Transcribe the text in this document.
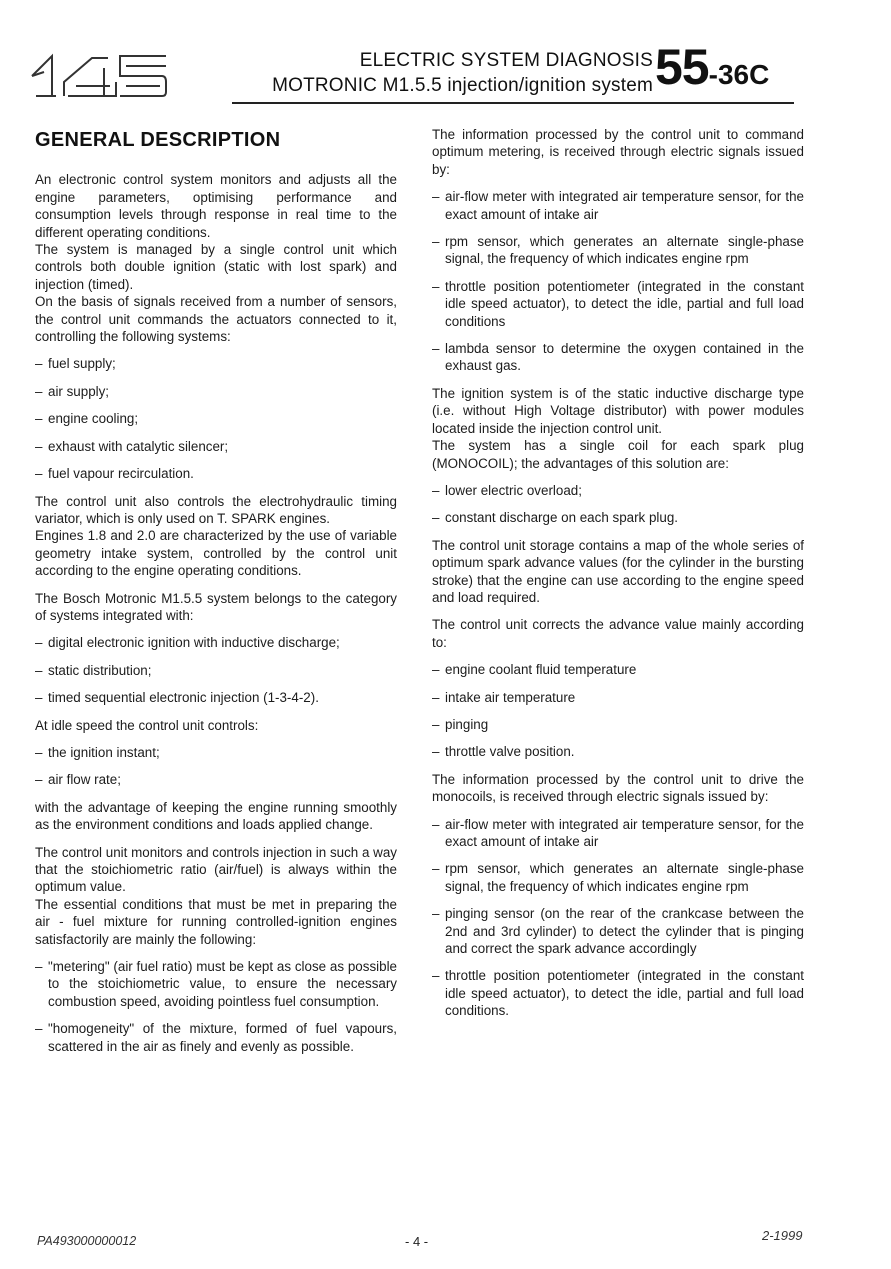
ELECTRIC SYSTEM DIAGNOSIS
MOTRONIC M1.5.5 injection/ignition system 55-36C
GENERAL DESCRIPTION

An electronic control system monitors and adjusts all the engine parameters, optimising performance and consumption levels through response in real time to the different operating conditions.

The system is managed by a single control unit which controls both double ignition (static with lost spark) and injection (timed).

On the basis of signals received from a number of sensors, the control unit commands the actuators connected to it, controlling the following systems:

– fuel supply;
– air supply;
– engine cooling;
– exhaust with catalytic silencer;
– fuel vapour recirculation.

The control unit also controls the electrohydraulic timing variator, which is only used on T. SPARK engines.

Engines 1.8 and 2.0 are characterized by the use of variable geometry intake system, controlled by the control unit according to the engine operating conditions.

The Bosch Motronic M1.5.5 system belongs to the category of systems integrated with:

– digital electronic ignition with inductive discharge;
– static distribution;
– timed sequential electronic injection (1-3-4-2).

At idle speed the control unit controls:

– the ignition instant;
– air flow rate;

with the advantage of keeping the engine running smoothly as the environment conditions and loads applied change.

The control unit monitors and controls injection in such a way that the stoichiometric ratio (air/fuel) is always within the optimum value.

The essential conditions that must be met in preparing the air - fuel mixture for running controlled-ignition engines satisfactorily are mainly the following:

– "metering" (air fuel ratio) must be kept as close as possible to the stoichiometric value, to ensure the necessary combustion speed, avoiding pointless fuel consumption.
– "homogeneity" of the mixture, formed of fuel vapours, scattered in the air as finely and evenly as possible.

The information processed by the control unit to command optimum metering, is received through electric signals issued by:

– air-flow meter with integrated air temperature sensor, for the exact amount of intake air
– rpm sensor, which generates an alternate single-phase signal, the frequency of which indicates engine rpm
– throttle position potentiometer (integrated in the constant idle speed actuator), to detect the idle, partial and full load conditions
– lambda sensor to determine the oxygen contained in the exhaust gas.

The ignition system is of the static inductive discharge type (i.e. without High Voltage distributor) with power modules located inside the injection control unit.

The system has a single coil for each spark plug (MONOCOIL); the advantages of this solution are:

– lower electric overload;
– constant discharge on each spark plug.

The control unit storage contains a map of the whole series of optimum spark advance values (for the cylinder in the bursting stroke) that the engine can use according to the engine speed and load required.

The control unit corrects the advance value mainly according to:

– engine coolant fluid temperature
– intake air temperature
– pinging
– throttle valve position.

The information processed by the control unit to drive the monocoils, is received through electric signals issued by:

– air-flow meter with integrated air temperature sensor, for the exact amount of intake air
– rpm sensor, which generates an alternate single-phase signal, the frequency of which indicates engine rpm
– pinging sensor (on the rear of the crankcase between the 2nd and 3rd cylinder) to detect the cylinder that is pinging and correct the spark advance accordingly
– throttle position potentiometer (integrated in the constant idle speed actuator), to detect the idle, partial and full load conditions.
PA493000000012	- 4 -	2-1999
